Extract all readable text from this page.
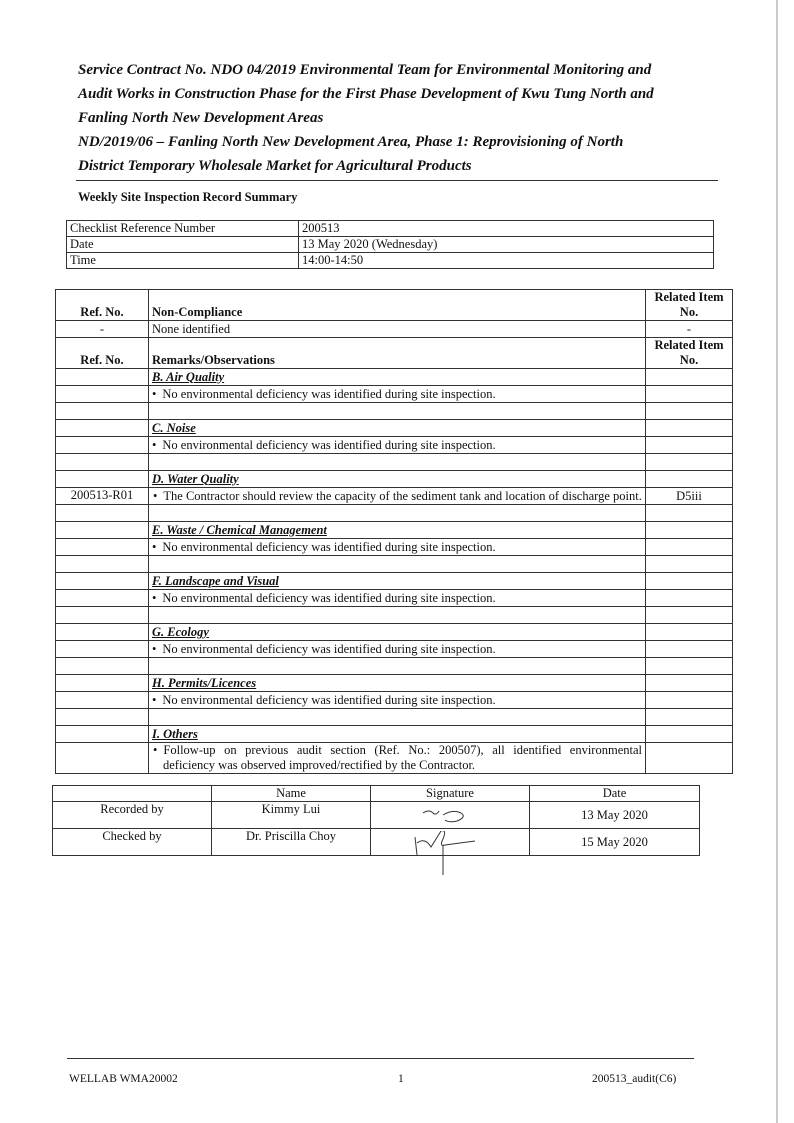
Service Contract No. NDO 04/2019 Environmental Team for Environmental Monitoring and

Audit Works in Construction Phase for the First Phase Development of Kwu Tung North and

Fanling North New Development Areas

ND/2019/06 – Fanling North New Development Area, Phase 1: Reprovisioning of North

District Temporary Wholesale Market for Agricultural Products

Weekly Site Inspection Record Summary
Checklist Reference Number	200513
Date	13 May 2020 (Wednesday)
Time	14:00-14:50
Ref. No.	Non-Compliance	Related Item No.
-	None identified	-
Ref. No.	Remarks/Observations	Related Item No.
	B. Air Quality	
	• No environmental deficiency was identified during site inspection.	

	C. Noise	
	• No environmental deficiency was identified during site inspection.	

	D. Water Quality	
200513-R01	• The Contractor should review the capacity of the sediment tank and location of discharge point.	D5iii

	E. Waste / Chemical Management	
	• No environmental deficiency was identified during site inspection.	

	F. Landscape and Visual	
	• No environmental deficiency was identified during site inspection.	

	G. Ecology	
	• No environmental deficiency was identified during site inspection.	

	H. Permits/Licences	
	• No environmental deficiency was identified during site inspection.	

	I. Others	
	• Follow-up on previous audit section (Ref. No.: 200507), all identified environmental deficiency was observed improved/rectified by the Contractor.	
	Name	Signature	Date
Recorded by	Kimmy Lui		13 May 2020
Checked by	Dr. Priscilla Choy		15 May 2020
WELLAB WMA20002	1	200513_audit(C6)
